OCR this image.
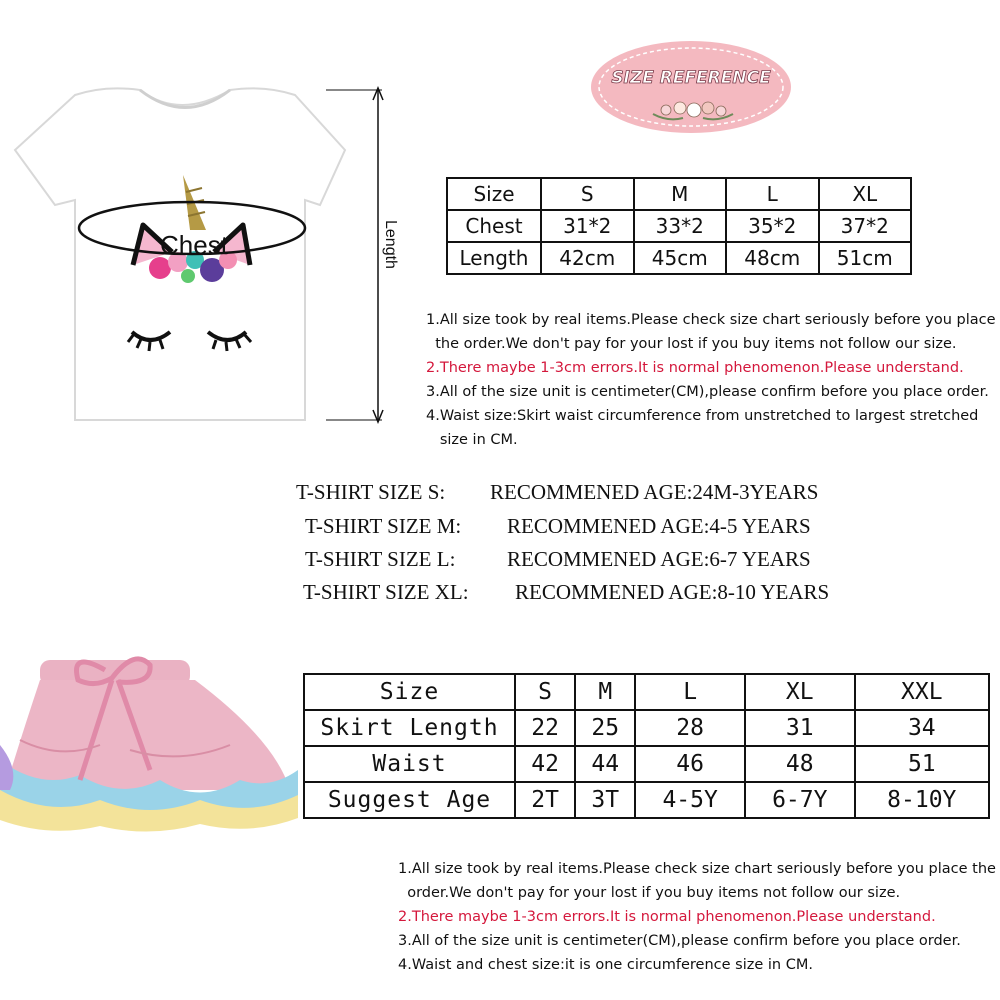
Chest	Length
SIZE REFERENCE
Size	S	M	L	XL
Chest	31*2	33*2	35*2	37*2
Length	42cm	45cm	48cm	51cm
1.All size took by real items.Please check size chart seriously before you place
the order.We don't pay for your lost if you buy items not follow our size.
2.There maybe 1-3cm errors.It is normal phenomenon.Please understand.
3.All of the size unit is centimeter(CM),please confirm before you place order.
4.Waist size:Skirt waist circumference from unstretched to largest stretched
size in CM.
T-SHIRT SIZE S: RECOMMENED AGE:24M-3YEARS
T-SHIRT SIZE M: RECOMMENED AGE:4-5 YEARS
T-SHIRT SIZE L: RECOMMENED AGE:6-7 YEARS
T-SHIRT SIZE XL: RECOMMENED AGE:8-10 YEARS
Size	S	M	L	XL	XXL
Skirt Length	22	25	28	31	34
Waist	42	44	46	48	51
Suggest Age	2T	3T	4-5Y	6-7Y	8-10Y
1.All size took by real items.Please check size chart seriously before you place the
order.We don't pay for your lost if you buy items not follow our size.
2.There maybe 1-3cm errors.It is normal phenomenon.Please understand.
3.All of the size unit is centimeter(CM),please confirm before you place order.
4.Waist and chest size:it is one circumference size in CM.
